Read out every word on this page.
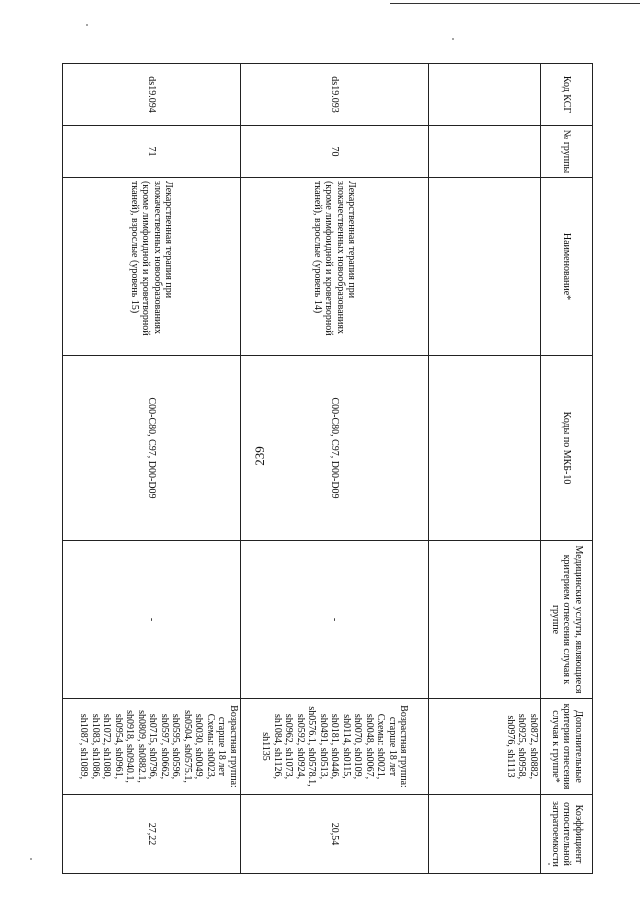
239
Код КСГ	№ группы	Наименование*	Коды по МКБ-10	Медицинские услуги, являющиеся критерием отнесения случая к группе	Дополнительные критерии отнесения случая к группе*	Коэффициент относительной затратоемкости
					sh0872, sh0882, sh0925, sh0958, sh0976, sh1113	
ds19.093	70	Лекарственная терапия при злокачественных новообразованиях (кроме лимфоидной и кроветворной тканей), взрослые (уровень 14)	C00-C80, C97, D00-D09	-	Возрастная группа: старше 18 лет Схемы: sh0021, sh0048, sh0067, sh0070, sh0109, sh0114, sh0115, sh0181, sh0446, sh0491, sh0513, sh0576.1, sh0578.1, sh0592, sh0924, sh0962, sh1073, sh1084, sh1126, sh1135	20,54
ds19.094	71	Лекарственная терапия при злокачественных новообразованиях (кроме лимфоидной и кроветворной тканей), взрослые (уровень 15)	C00-C80, C97, D00-D09	-	Возрастная группа: старше 18 лет Схемы: sh0023, sh0030, sh0049, sh0504, sh0575.1, sh0595, sh0596, sh0597, sh0662, sh0715, sh0796, sh0809, sh0882.1, sh0918, sh0940.1, sh0954, sh0961, sh1072, sh1080, sh1083, sh1086, sh1087, sh1089,	27,22
